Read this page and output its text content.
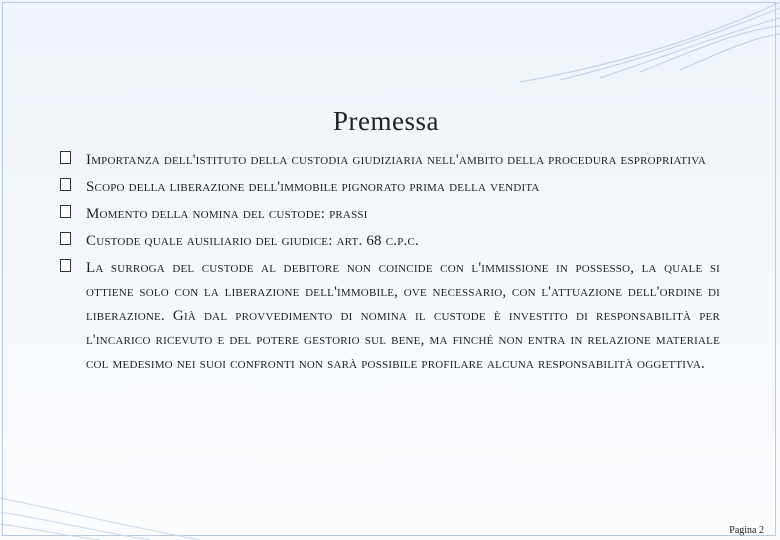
Premessa
Importanza dell'istituto della custodia giudiziaria nell'ambito della procedura espropriativa
Scopo della liberazione dell'immobile pignorato prima della vendita
Momento della nomina del custode: prassi
Custode quale ausiliario del giudice: art. 68 c.p.c.
La surroga del custode al debitore non coincide con l'immissione in possesso, la quale si ottiene solo con la liberazione dell'immobile, ove necessario, con l'attuazione dell'ordine di liberazione. Già dal provvedimento di nomina il custode è investito di responsabilità per l'incarico ricevuto e del potere gestorio sul bene, ma finché non entra in relazione materiale col medesimo nei suoi confronti non sarà possibile profilare alcuna responsabilità oggettiva.
Pagina 2
